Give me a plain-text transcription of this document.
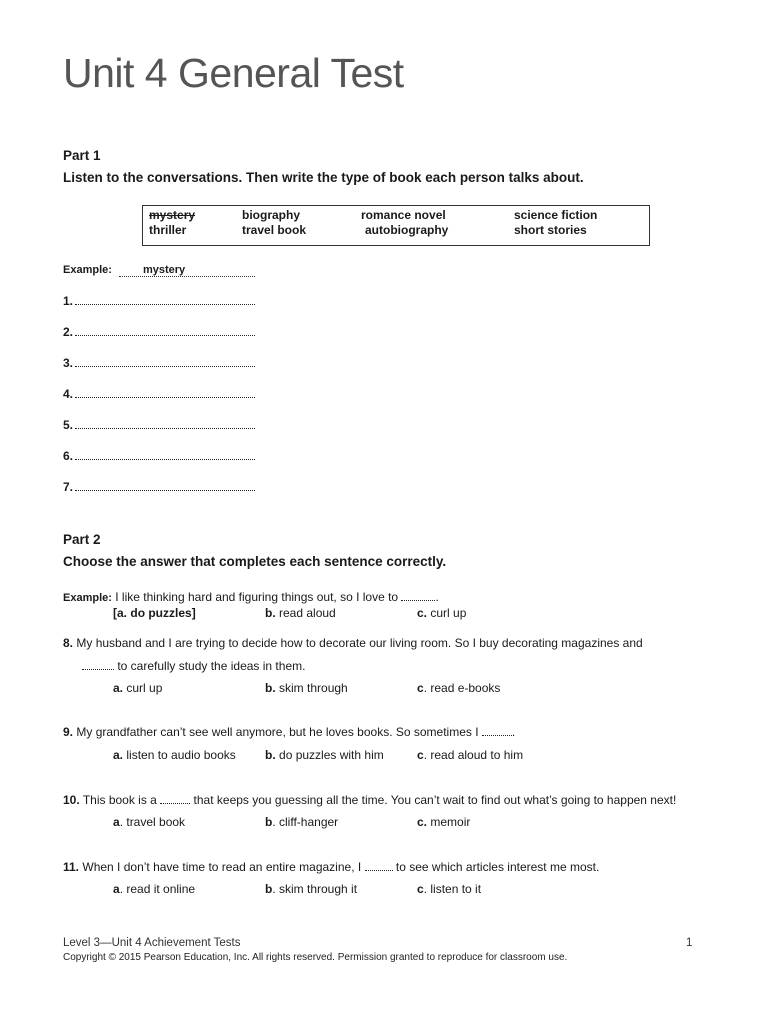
Unit 4 General Test
Part 1
Listen to the conversations. Then write the type of book each person talks about.
mystery	biography	romance novel	science fiction
thriller	travel book	autobiography	short stories
Example:	mystery
1.
2.
3.
4.
5.
6.
7.
Part 2
Choose the answer that completes each sentence correctly.
Example: I like thinking hard and figuring things out, so I love to	.
[a. do puzzles]	b. read aloud	c. curl up
8. My husband and I are trying to decide how to decorate our living room. So I buy decorating magazines and
to carefully study the ideas in them.
a. curl up	b. skim through	c. read e-books
9. My grandfather can’t see well anymore, but he loves books. So sometimes I	.
a. listen to audio books b. do puzzles with him	c. read aloud to him
10. This book is a	that keeps you guessing all the time. You can’t wait to find out what’s going to happen next!
a. travel book	b. cliff-hanger	c. memoir
11. When I don’t have time to read an entire magazine, I	to see which articles interest me most.
a. read it online	b. skim through it	c. listen to it
Level 3—Unit 4 Achievement Tests	1
Copyright © 2015 Pearson Education, Inc. All rights reserved. Permission granted to reproduce for classroom use.
